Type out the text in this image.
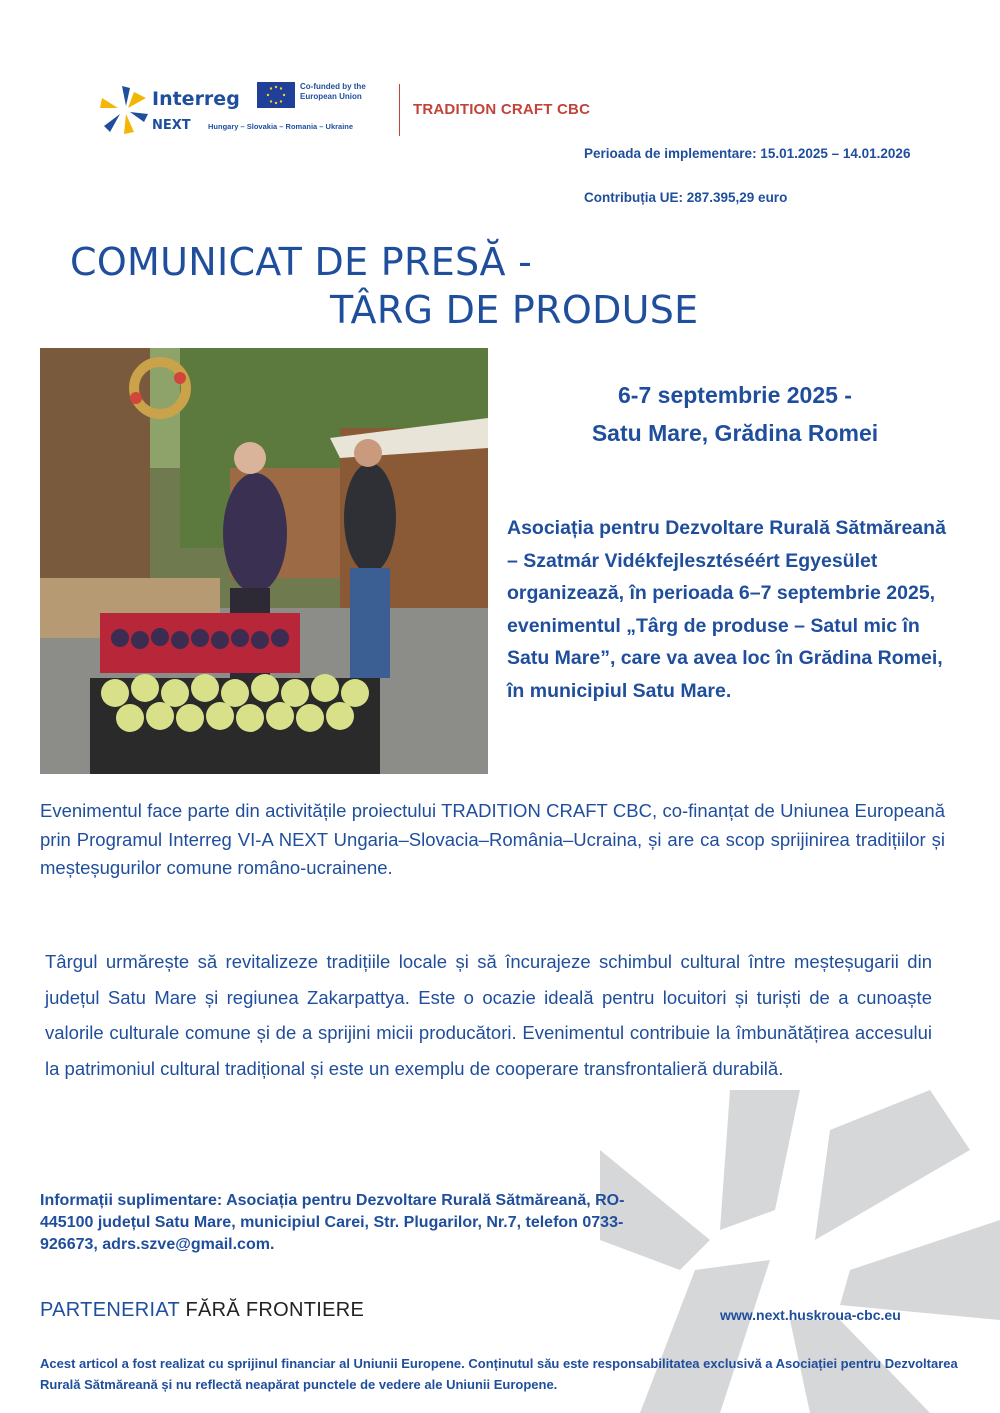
Interreg
NEXT Hungary – Slovakia – Romania – Ukraine
Co-funded by the European Union
TRADITION CRAFT CBC
Perioada de implementare: 15.01.2025 – 14.01.2026
Contribuția UE: 287.395,29 euro
COMUNICAT DE PRESĂ -
TÂRG DE PRODUSE
6-7 septembrie 2025 -
Satu Mare, Grădina Romei
Asociația pentru Dezvoltare Rurală Sătmăreană – Szatmár Vidékfejlesztéséért Egyesület organizează, în perioada 6–7 septembrie 2025, evenimentul „Târg de produse – Satul mic în Satu Mare”, care va avea loc în Grădina Romei, în municipiul Satu Mare.
Evenimentul face parte din activitățile proiectului TRADITION CRAFT CBC, co-finanțat de Uniunea Europeană prin Programul Interreg VI-A NEXT Ungaria–Slovacia–România–Ucraina, și are ca scop sprijinirea tradițiilor și meșteșugurilor comune româno-ucrainene.
Târgul urmărește să revitalizeze tradițiile locale și să încurajeze schimbul cultural între meșteșugarii din județul Satu Mare și regiunea Zakarpattya. Este o ocazie ideală pentru locuitori și turiști de a cunoaște valorile culturale comune și de a sprijini micii producători. Evenimentul contribuie la îmbunătățirea accesului la patrimoniul cultural tradițional și este un exemplu de cooperare transfrontalieră durabilă.
Informații suplimentare: Asociația pentru Dezvoltare Rurală Sătmăreană, RO-445100 județul Satu Mare, municipiul Carei, Str. Plugarilor, Nr.7, telefon 0733-926673, adrs.szve@gmail.com.
PARTENERIAT FĂRĂ FRONTIERE	www.next.huskroua-cbc.eu
Acest articol a fost realizat cu sprijinul financiar al Uniunii Europene. Conținutul său este responsabilitatea exclusivă a Asociației pentru Dezvoltarea Rurală Sătmăreană și nu reflectă neapărat punctele de vedere ale Uniunii Europene.
